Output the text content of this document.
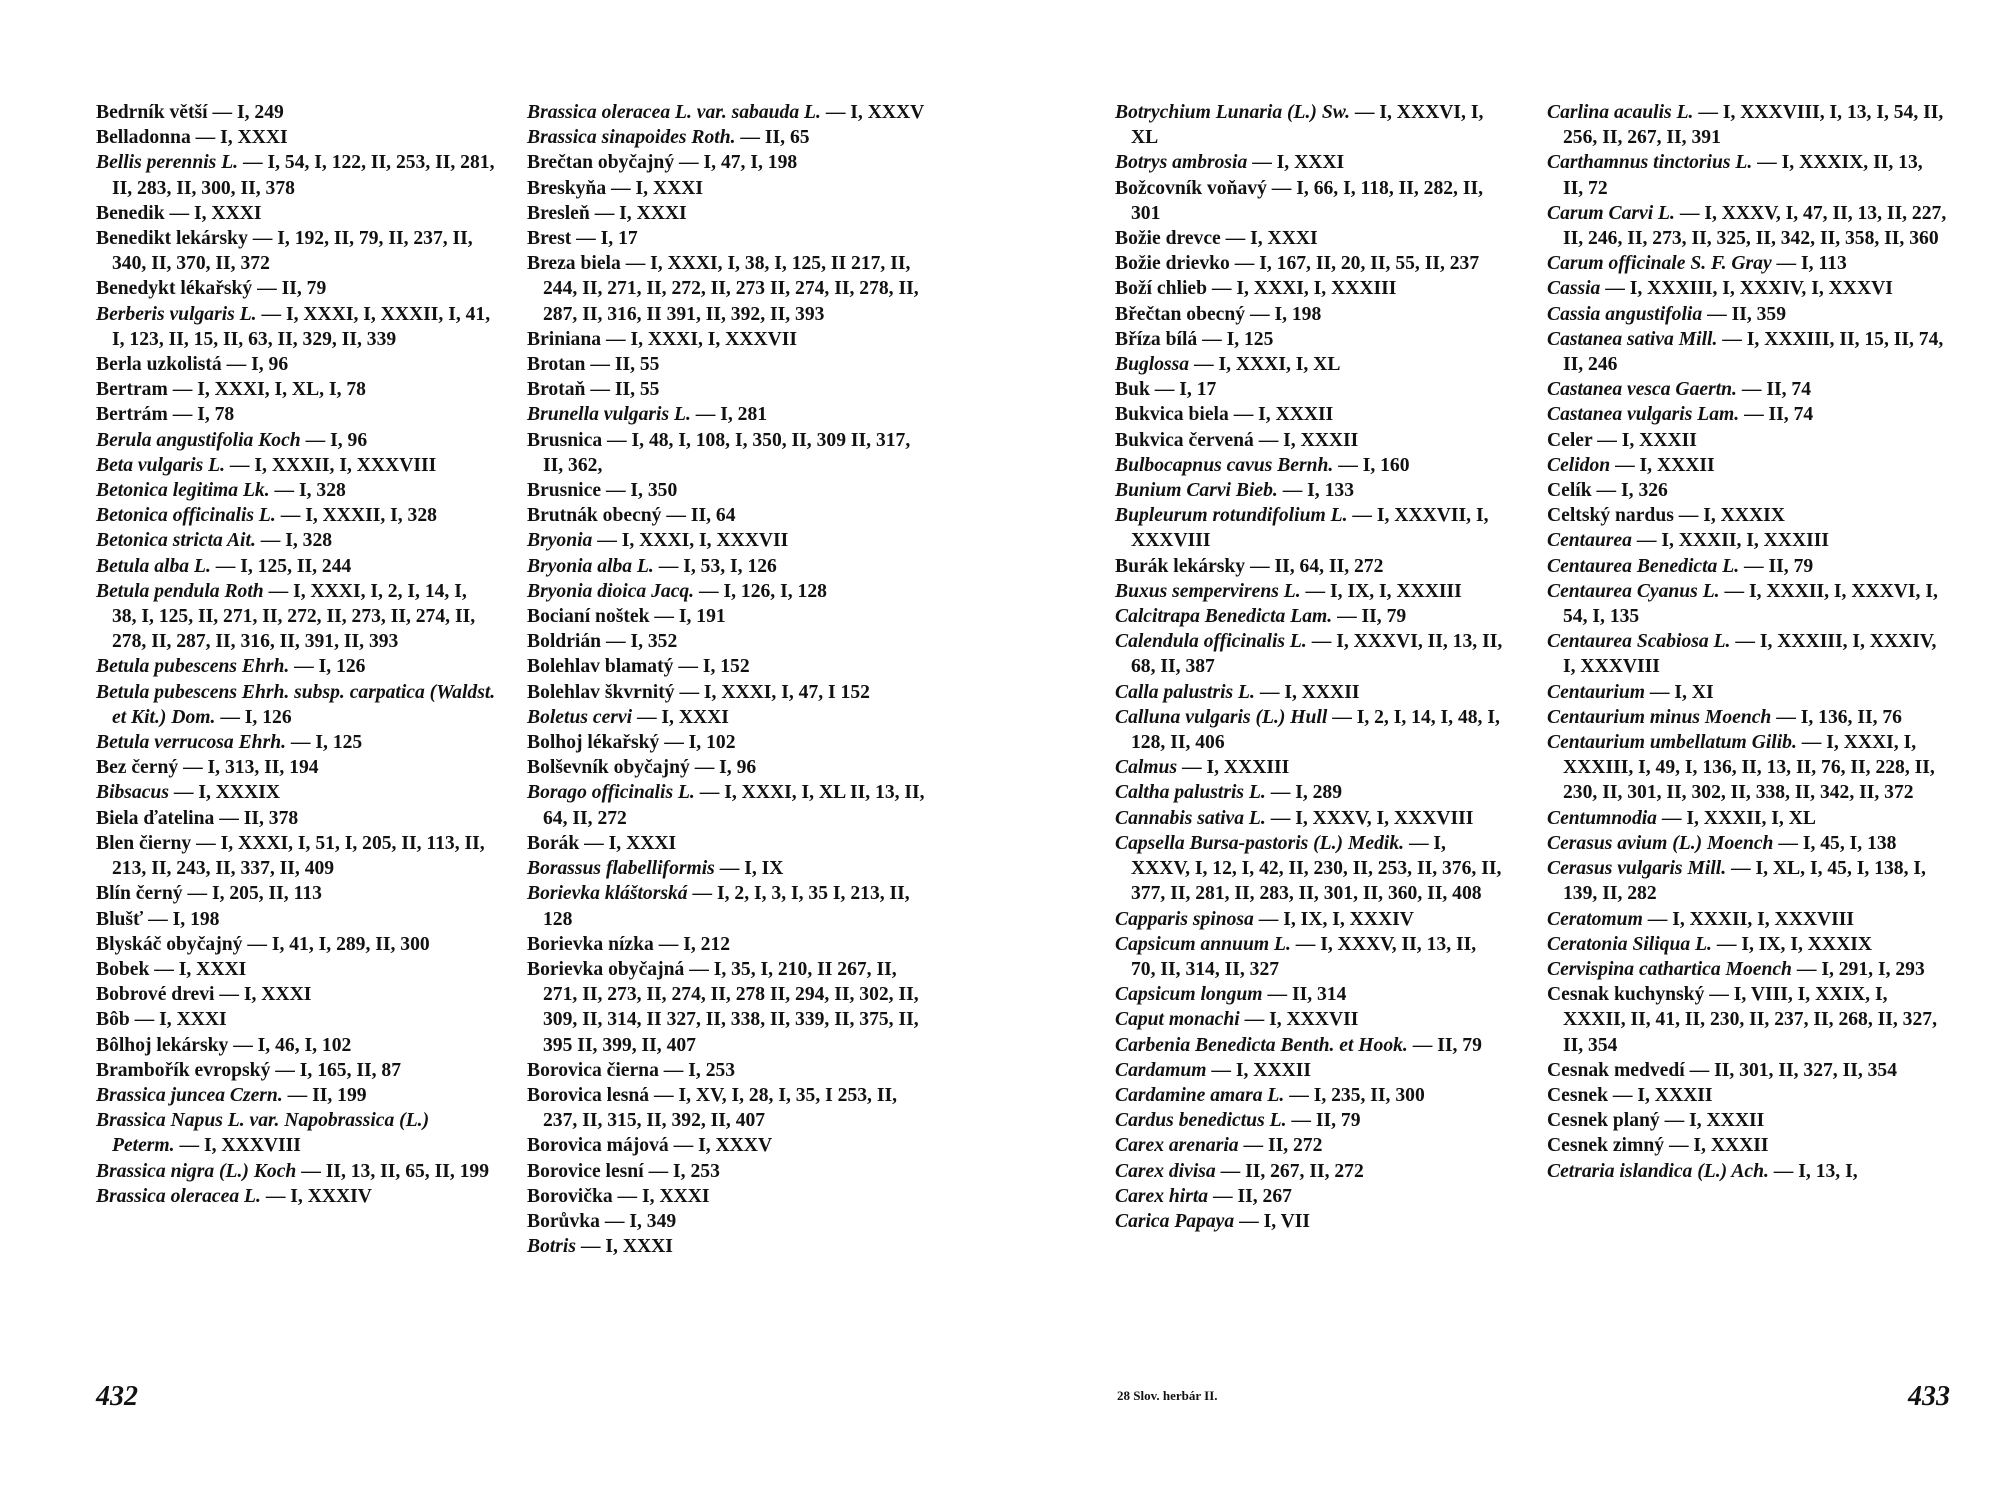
Bedrník větší — I, 249
Belladonna — I, XXXI
Bellis perennis L. — I, 54, I, 122, II, 253, II, 281, II, 283, II, 300, II, 378
Benedik — I, XXXI
Benedikt lekársky — I, 192, II, 79, II, 237, II, 340, II, 370, II, 372
Benedykt lékařský — II, 79
Berberis vulgaris L. — I, XXXI, I, XXXII, I, 41, I, 123, II, 15, II, 63, II, 329, II, 339
Berla uzkolistá — I, 96
Bertram — I, XXXI, I, XL, I, 78
Bertrám — I, 78
Berula angustifolia Koch — I, 96
Beta vulgaris L. — I, XXXII, I, XXXVIII
Betonica legitima Lk. — I, 328
Betonica officinalis L. — I, XXXII, I, 328
Betonica stricta Ait. — I, 328
Betula alba L. — I, 125, II, 244
Betula pendula Roth — I, XXXI, I, 2, I, 14, I, 38, I, 125, II, 271, II, 272, II, 273, II, 274, II, 278, II, 287, II, 316, II, 391, II, 393
Betula pubescens Ehrh. — I, 126
Betula pubescens Ehrh. subsp. carpatica (Waldst. et Kit.) Dom. — I, 126
Betula verrucosa Ehrh. — I, 125
Bez černý — I, 313, II, 194
Bibsacus — I, XXXIX
Biela ďatelina — II, 378
Blen čierny — I, XXXI, I, 51, I, 205, II, 113, II, 213, II, 243, II, 337, II, 409
Blín černý — I, 205, II, 113
Blušť — I, 198
Blyskáč obyčajný — I, 41, I, 289, II, 300
Bobek — I, XXXI
Bobrové drevi — I, XXXI
Bôb — I, XXXI
Bôlhoj lekársky — I, 46, I, 102
Brambořík evropský — I, 165, II, 87
Brassica juncea Czern. — II, 199
Brassica Napus L. var. Napobrassica (L.) Peterm. — I, XXXVIII
Brassica nigra (L.) Koch — II, 13, II, 65, II, 199
Brassica oleracea L. — I, XXXIV
Brassica oleracea L. var. sabauda L. — I, XXXV
Brassica sinapoides Roth. — II, 65
Brečtan obyčajný — I, 47, I, 198
Breskyňa — I, XXXI
Bresleň — I, XXXI
Brest — I, 17
Breza biela — I, XXXI, I, 38, I, 125, II 217, II, 244, II, 271, II, 272, II, 273 II, 274, II, 278, II, 287, II, 316, II 391, II, 392, II, 393
Briniana — I, XXXI, I, XXXVII
Brotan — II, 55
Brotaň — II, 55
Brunella vulgaris L. — I, 281
Brusnica — I, 48, I, 108, I, 350, II, 309 II, 317, II, 362,
Brusnice — I, 350
Brutnák obecný — II, 64
Bryonia — I, XXXI, I, XXXVII
Bryonia alba L. — I, 53, I, 126
Bryonia dioica Jacq. — I, 126, I, 128
Bocianí noštek — I, 191
Boldrián — I, 352
Bolehlav blamatý — I, 152
Bolehlav škvrnitý — I, XXXI, I, 47, I 152
Boletus cervi — I, XXXI
Bolhoj lékařský — I, 102
Bolševník obyčajný — I, 96
Borago officinalis L. — I, XXXI, I, XL II, 13, II, 64, II, 272
Borák — I, XXXI
Borassus flabelliformis — I, IX
Borievka kláštorská — I, 2, I, 3, I, 35 I, 213, II, 128
Borievka nízka — I, 212
Borievka obyčajná — I, 35, I, 210, II 267, II, 271, II, 273, II, 274, II, 278 II, 294, II, 302, II, 309, II, 314, II 327, II, 338, II, 339, II, 375, II, 395 II, 399, II, 407
Borovica čierna — I, 253
Borovica lesná — I, XV, I, 28, I, 35, I 253, II, 237, II, 315, II, 392, II, 407
Borovica májová — I, XXXV
Borovice lesní — I, 253
Borovička — I, XXXI
Borůvka — I, 349
Botris — I, XXXI
Botrychium Lunaria (L.) Sw. — I, XXXVI, I, XL
Botrys ambrosia — I, XXXI
Božcovník voňavý — I, 66, I, 118, II, 282, II, 301
Božie drevce — I, XXXI
Božie drievko — I, 167, II, 20, II, 55, II, 237
Boží chlieb — I, XXXI, I, XXXIII
Břečtan obecný — I, 198
Bříza bílá — I, 125
Buglossa — I, XXXI, I, XL
Buk — I, 17
Bukvica biela — I, XXXII
Bukvica červená — I, XXXII
Bulbocapnus cavus Bernh. — I, 160
Bunium Carvi Bieb. — I, 133
Bupleurum rotundifolium L. — I, XXXVII, I, XXXVIII
Burák lekársky — II, 64, II, 272
Buxus sempervirens L. — I, IX, I, XXXIII
Calcitrapa Benedicta Lam. — II, 79
Calendula officinalis L. — I, XXXVI, II, 13, II, 68, II, 387
Calla palustris L. — I, XXXII
Calluna vulgaris (L.) Hull — I, 2, I, 14, I, 48, I, 128, II, 406
Calmus — I, XXXIII
Caltha palustris L. — I, 289
Cannabis sativa L. — I, XXXV, I, XXXVIII
Capsella Bursa-pastoris (L.) Medik. — I, XXXV, I, 12, I, 42, II, 230, II, 253, II, 376, II, 377, II, 281, II, 283, II, 301, II, 360, II, 408
Capparis spinosa — I, IX, I, XXXIV
Capsicum annuum L. — I, XXXV, II, 13, II, 70, II, 314, II, 327
Capsicum longum — II, 314
Caput monachi — I, XXXVII
Carbenia Benedicta Benth. et Hook. — II, 79
Cardamum — I, XXXII
Cardamine amara L. — I, 235, II, 300
Cardus benedictus L. — II, 79
Carex arenaria — II, 272
Carex divisa — II, 267, II, 272
Carex hirta — II, 267
Carica Papaya — I, VII
Carlina acaulis L. — I, XXXVIII, I, 13, I, 54, II, 256, II, 267, II, 391
Carthamnus tinctorius L. — I, XXXIX, II, 13, II, 72
Carum Carvi L. — I, XXXV, I, 47, II, 13, II, 227, II, 246, II, 273, II, 325, II, 342, II, 358, II, 360
Carum officinale S. F. Gray — I, 113
Cassia — I, XXXIII, I, XXXIV, I, XXXVI
Cassia angustifolia — II, 359
Castanea sativa Mill. — I, XXXIII, II, 15, II, 74, II, 246
Castanea vesca Gaertn. — II, 74
Castanea vulgaris Lam. — II, 74
Celer — I, XXXII
Celidon — I, XXXII
Celík — I, 326
Celtský nardus — I, XXXIX
Centaurea — I, XXXII, I, XXXIII
Centaurea Benedicta L. — II, 79
Centaurea Cyanus L. — I, XXXII, I, XXXVI, I, 54, I, 135
Centaurea Scabiosa L. — I, XXXIII, I, XXXIV, I, XXXVIII
Centaurium — I, XI
Centaurium minus Moench — I, 136, II, 76
Centaurium umbellatum Gilib. — I, XXXI, I, XXXIII, I, 49, I, 136, II, 13, II, 76, II, 228, II, 230, II, 301, II, 302, II, 338, II, 342, II, 372
Centumnodia — I, XXXII, I, XL
Cerasus avium (L.) Moench — I, 45, I, 138
Cerasus vulgaris Mill. — I, XL, I, 45, I, 138, I, 139, II, 282
Ceratomum — I, XXXII, I, XXXVIII
Ceratonia Siliqua L. — I, IX, I, XXXIX
Cervispina cathartica Moench — I, 291, I, 293
Cesnak kuchynský — I, VIII, I, XXIX, I, XXXII, II, 41, II, 230, II, 237, II, 268, II, 327, II, 354
Cesnak medvedí — II, 301, II, 327, II, 354
Cesnek — I, XXXII
Cesnek planý — I, XXXII
Cesnek zimný — I, XXXII
Cetraria islandica (L.) Ach. — I, 13, I,
432	28 Slov. herbár II.	433
